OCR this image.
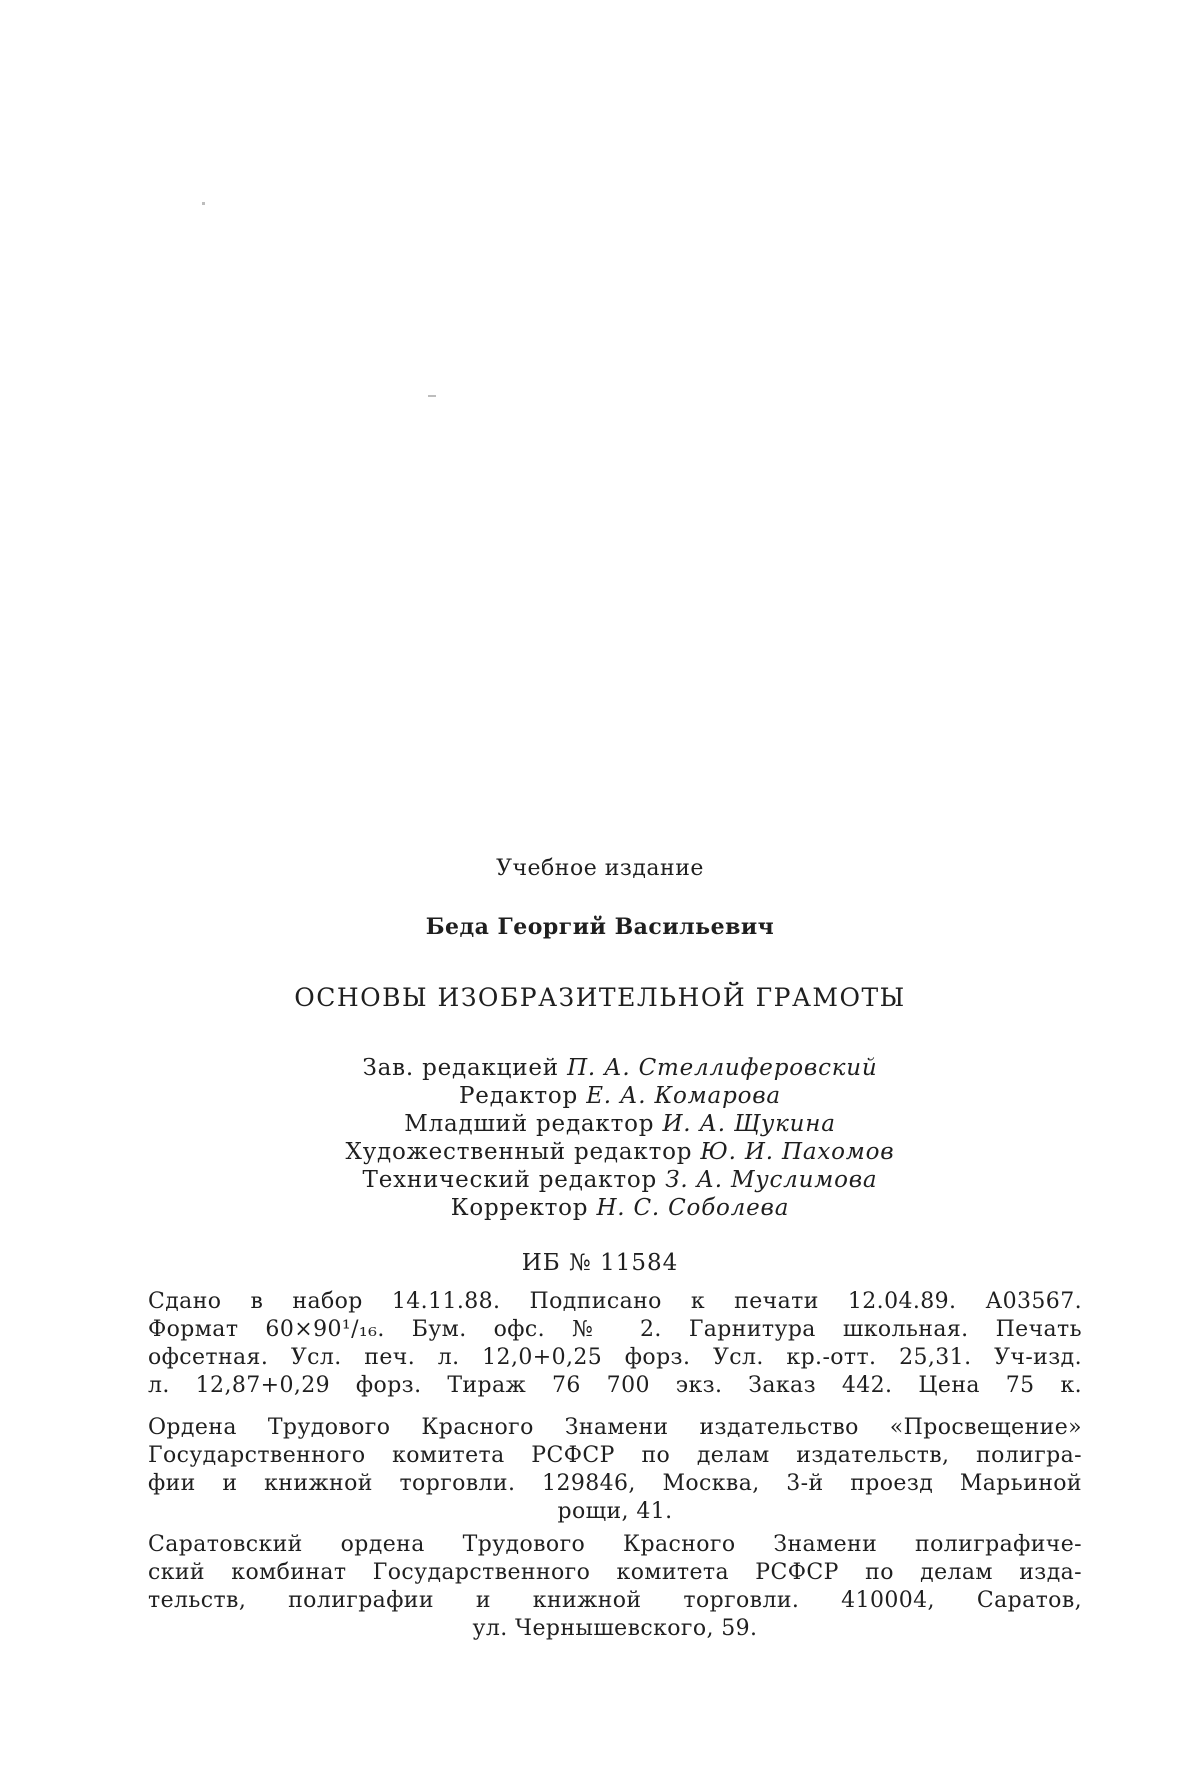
Учебное издание
Беда Георгий Васильевич
ОСНОВЫ ИЗОБРАЗИТЕЛЬНОЙ ГРАМОТЫ
Зав. редакцией П. А. Стеллиферовский
Редактор Е. А. Комарова
Младший редактор И. А. Щукина
Художественный редактор Ю. И. Пахомов
Технический редактор З. А. Муслимова
Корректор Н. С. Соболева
ИБ № 11584

Сдано в набор 14.11.88. Подписано к печати 12.04.89. А03567.

Формат 60×90¹/₁₆. Бум. офс. № 2. Гарнитура школьная. Печать

офсетная. Усл. печ. л. 12,0+0,25 форз. Усл. кр.-отт. 25,31. Уч-изд.

л. 12,87+0,29 форз. Тираж 76 700 экз. Заказ 442. Цена 75 к.

Ордена Трудового Красного Знамени издательство «Просвещение»

Государственного комитета РСФСР по делам издательств, полигра-

фии и книжной торговли. 129846, Москва, 3-й проезд Марьиной

рощи, 41.

Саратовский ордена Трудового Красного Знамени полиграфиче-

ский комбинат Государственного комитета РСФСР по делам изда-

тельств, полиграфии и книжной торговли. 410004, Саратов,

ул. Чернышевского, 59.
